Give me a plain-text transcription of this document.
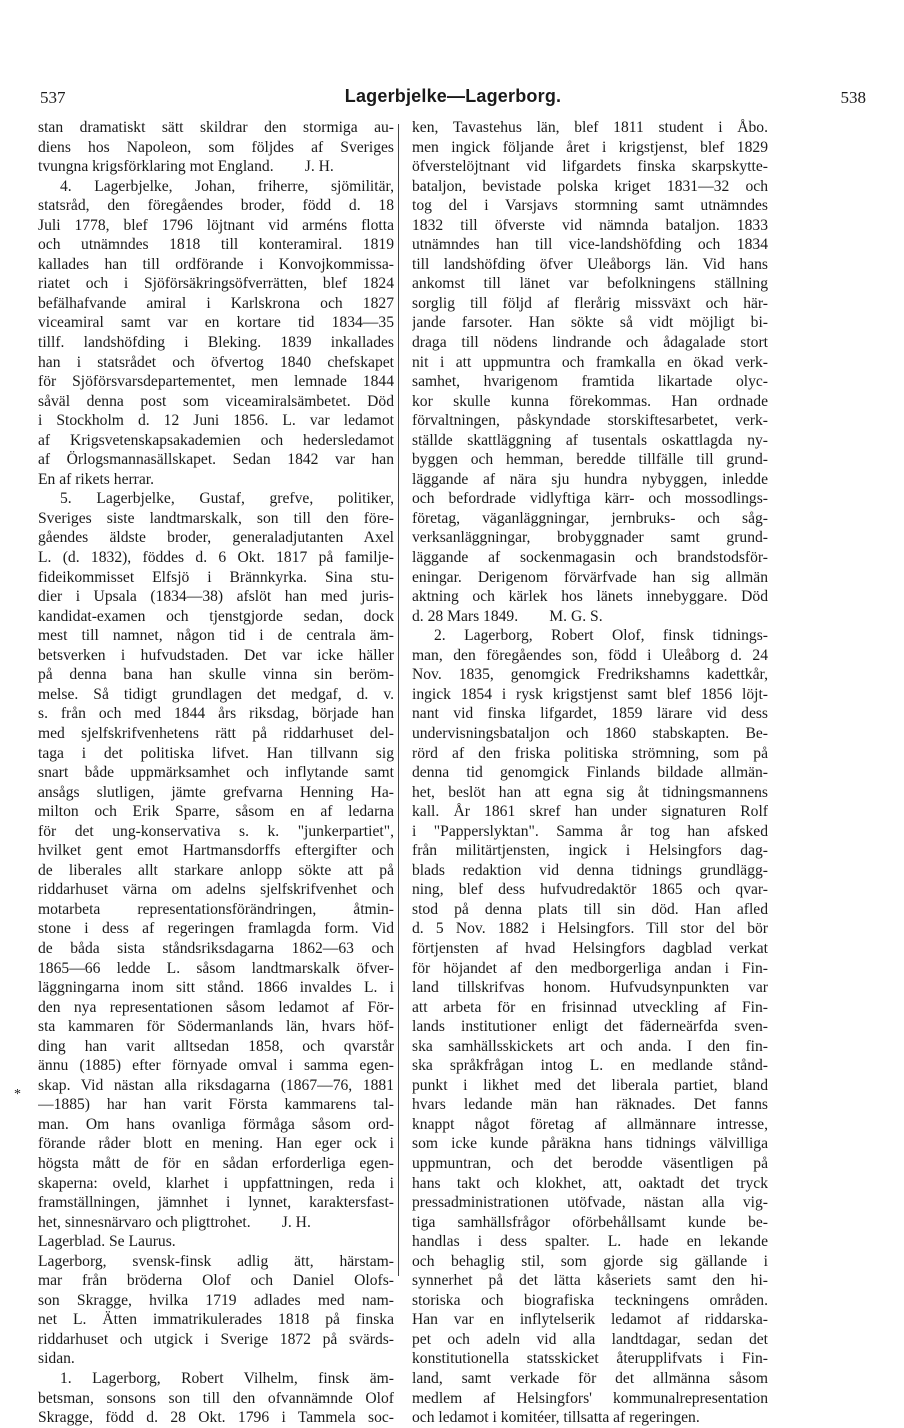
537	Lagerbjelke—Lagerborg.	538
stan dramatiskt sätt skildrar den stormiga au-
diens hos Napoleon, som följdes af Sveriges
tvungna krigsförklaring mot England.  J. H.
4. Lagerbjelke, Johan, friherre, sjömilitär,
statsråd, den föregåendes broder, född d. 18
Juli 1778, blef 1796 löjtnant vid arméns flotta
och utnämndes 1818 till konteramiral. 1819
kallades han till ordförande i Konvojkommissa-
riatet och i Sjöförsäkringsöfverrätten, blef 1824
befälhafvande amiral i Karlskrona och 1827
viceamiral samt var en kortare tid 1834—35
tillf. landshöfding i Bleking. 1839 inkallades
han i statsrådet och öfvertog 1840 chefskapet
för Sjöförsvarsdepartementet, men lemnade 1844
såväl denna post som viceamiralsämbetet. Död
i Stockholm d. 12 Juni 1856. L. var ledamot
af Krigsvetenskapsakademien och hedersledamot
af Örlogsmannasällskapet. Sedan 1842 var han
En af rikets herrar.
5. Lagerbjelke, Gustaf, grefve, politiker,
Sveriges siste landtmarskalk, son till den före-
gåendes äldste broder, generaladjutanten Axel
L. (d. 1832), föddes d. 6 Okt. 1817 på familje-
fideikommisset Elfsjö i Brännkyrka. Sina stu-
dier i Upsala (1834—38) afslöt han med juris-
kandidat-examen och tjenstgjorde sedan, dock
mest till namnet, någon tid i de centrala äm-
betsverken i hufvudstaden. Det var icke häller
på denna bana han skulle vinna sin beröm-
melse. Så tidigt grundlagen det medgaf, d. v.
s. från och med 1844 års riksdag, började han
med sjelfskrifvenhetens rätt på riddarhuset del-
taga i det politiska lifvet. Han tillvann sig
snart både uppmärksamhet och inflytande samt
ansågs slutligen, jämte grefvarna Henning Ha-
milton och Erik Sparre, såsom en af ledarna
för det ung-konservativa s. k. "junkerpartiet",
hvilket gent emot Hartmansdorffs eftergifter och
de liberales allt starkare anlopp sökte att på
riddarhuset värna om adelns sjelfskrifvenhet och
motarbeta representationsförändringen, åtmin-
stone i dess af regeringen framlagda form. Vid
de båda sista ståndsriksdagarna 1862—63 och
1865—66 ledde L. såsom landtmarskalk öfver-
läggningarna inom sitt stånd. 1866 invaldes L. i
den nya representationen såsom ledamot af För-
sta kammaren för Södermanlands län, hvars höf-
ding han varit alltsedan 1858, och qvarstår
ännu (1885) efter förnyade omval i samma egen-
skap. Vid nästan alla riksdagarna (1867—76, 1881
—1885) har han varit Första kammarens tal-
man. Om hans ovanliga förmåga såsom ord-
förande råder blott en mening. Han eger ock i
högsta mått de för en sådan erforderliga egen-
skaperna: oveld, klarhet i uppfattningen, reda i
framställningen, jämnhet i lynnet, karaktersfast-
het, sinnesnärvaro och pligttrohet.  J. H.
Lagerblad. Se Laurus.
Lagerborg, svensk-finsk adlig ätt, härstam-
mar från bröderna Olof och Daniel Olofs-
son Skragge, hvilka 1719 adlades med nam-
net L. Ätten immatrikulerades 1818 på finska
riddarhuset och utgick i Sverige 1872 på svärds-
sidan.
1. Lagerborg, Robert Vilhelm, finsk äm-
betsman, sonsons son till den ofvannämnde Olof
Skragge, född d. 28 Okt. 1796 i Tammela soc-
ken, Tavastehus län, blef 1811 student i Åbo.
men ingick följande året i krigstjenst, blef 1829
öfverstelöjtnant vid lifgardets finska skarpskytte-
bataljon, bevistade polska kriget 1831—32 och
tog del i Varsjavs stormning samt utnämndes
1832 till öfverste vid nämnda bataljon. 1833
utnämndes han till vice-landshöfding och 1834
till landshöfding öfver Uleåborgs län. Vid hans
ankomst till länet var befolkningens ställning
sorglig till följd af flerårig missväxt och här-
jande farsoter. Han sökte så vidt möjligt bi-
draga till nödens lindrande och ådagalade stort
nit i att uppmuntra och framkalla en ökad verk-
samhet, hvarigenom framtida likartade olyc-
kor skulle kunna förekommas. Han ordnade
förvaltningen, påskyndade storskiftesarbetet, verk-
ställde skattläggning af tusentals oskattlagda ny-
byggen och hemman, beredde tillfälle till grund-
läggande af nära sju hundra nybyggen, inledde
och befordrade vidlyftiga kärr- och mossodlings-
företag, väganläggningar, jernbruks- och såg-
verksanläggningar, brobyggnader samt grund-
läggande af sockenmagasin och brandstodsför-
eningar. Derigenom förvärfvade han sig allmän
aktning och kärlek hos länets innebyggare. Död
d. 28 Mars 1849.  M. G. S.
2. Lagerborg, Robert Olof, finsk tidnings-
man, den föregåendes son, född i Uleåborg d. 24
Nov. 1835, genomgick Fredrikshamns kadettkår,
ingick 1854 i rysk krigstjenst samt blef 1856 löjt-
nant vid finska lifgardet, 1859 lärare vid dess
undervisningsbataljon och 1860 stabskapten. Be-
rörd af den friska politiska strömning, som på
denna tid genomgick Finlands bildade allmän-
het, beslöt han att egna sig åt tidningsmannens
kall. År 1861 skref han under signaturen Rolf
i "Papperslyktan". Samma år tog han afsked
från militärtjensten, ingick i Helsingfors dag-
blads redaktion vid denna tidnings grundlägg-
ning, blef dess hufvudredaktör 1865 och qvar-
stod på denna plats till sin död. Han afled
d. 5 Nov. 1882 i Helsingfors. Till stor del bör
förtjensten af hvad Helsingfors dagblad verkat
för höjandet af den medborgerliga andan i Fin-
land tillskrifvas honom. Hufvudsynpunkten var
att arbeta för en frisinnad utveckling af Fin-
lands institutioner enligt det fäderneärfda sven-
ska samhällsskickets art och anda. I den fin-
ska språkfrågan intog L. en medlande stånd-
punkt i likhet med det liberala partiet, bland
hvars ledande män han räknades. Det fanns
knappt något företag af allmännare intresse,
som icke kunde påräkna hans tidnings välvilliga
uppmuntran, och det berodde väsentligen på
hans takt och klokhet, att, oaktadt det tryck
pressadministrationen utöfvade, nästan alla vig-
tiga samhällsfrågor oförbehållsamt kunde be-
handlas i dess spalter. L. hade en lekande
och behaglig stil, som gjorde sig gällande i
synnerhet på det lätta kåseriets samt den hi-
storiska och biografiska teckningens områden.
Han var en inflytelserik ledamot af riddarska-
pet och adeln vid alla landtdagar, sedan det
konstitutionella statsskicket återupplifvats i Fin-
land, samt verkade för det allmänna såsom
medlem af Helsingfors' kommunalrepresentation
och ledamot i komitéer, tillsatta af regeringen.
*
